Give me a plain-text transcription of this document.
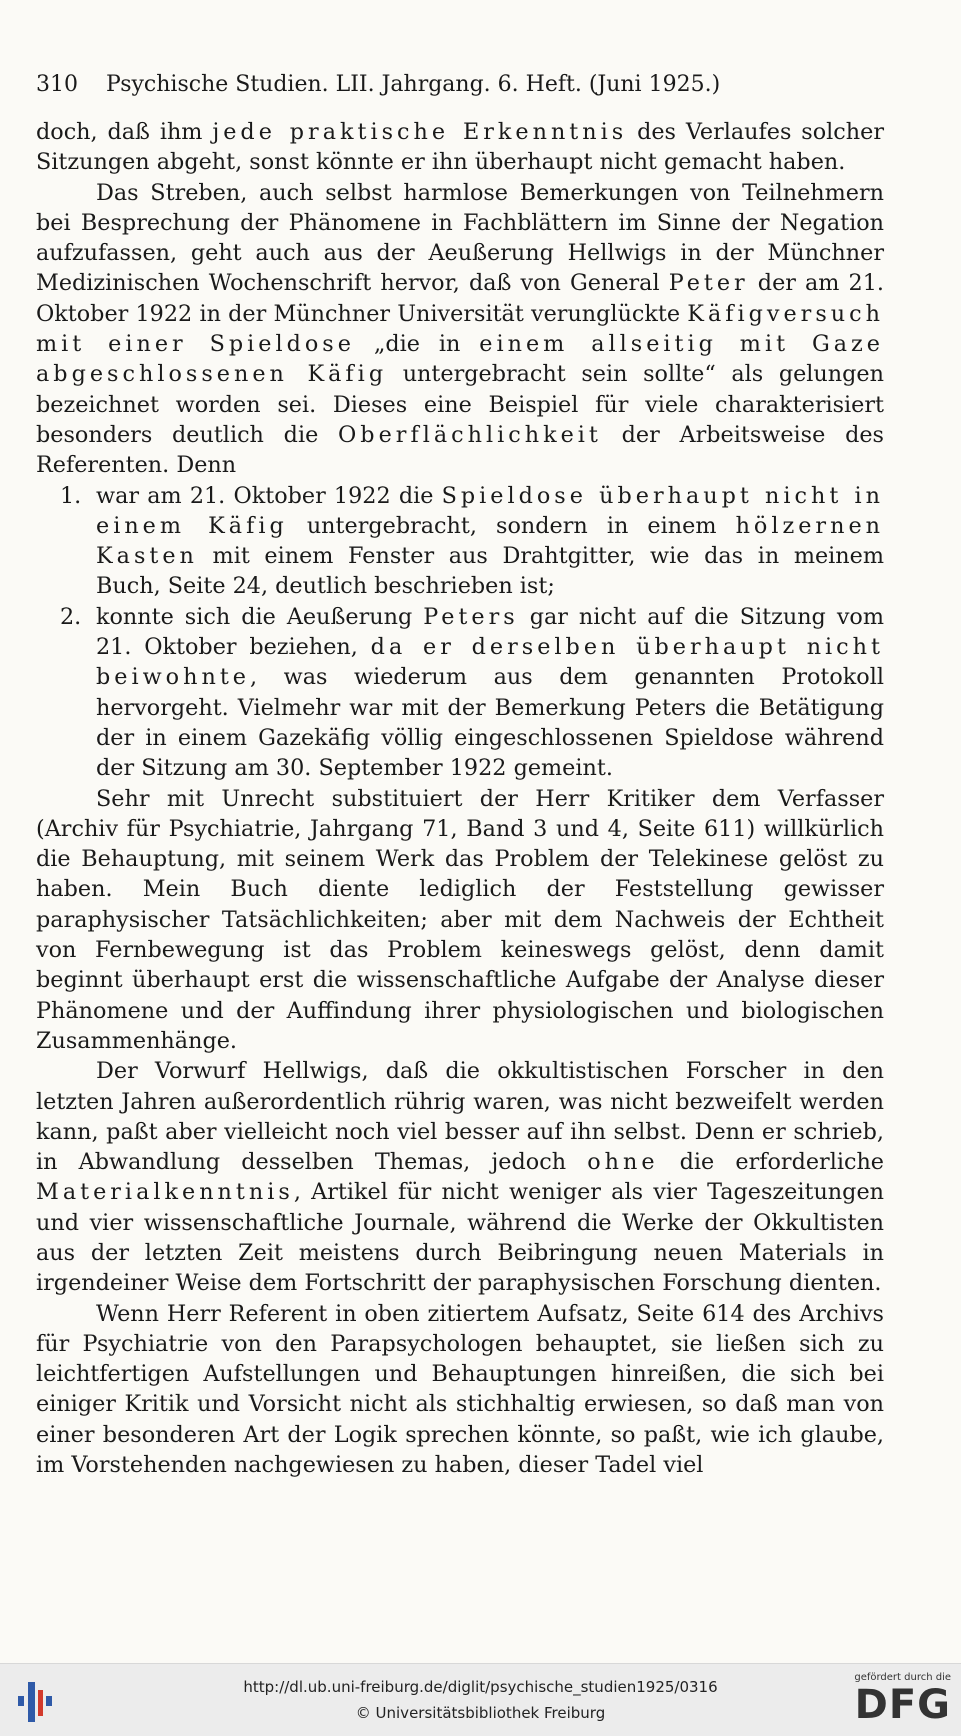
310 Psychische Studien. LII. Jahrgang. 6. Heft. (Juni 1925.)

doch, daß ihm jede praktische Erkenntnis des Verlaufes solcher Sitzungen abgeht, sonst könnte er ihn überhaupt nicht gemacht haben.

Das Streben, auch selbst harmlose Bemerkungen von Teilnehmern bei Besprechung der Phänomene in Fachblättern im Sinne der Negation aufzufassen, geht auch aus der Aeußerung Hellwigs in der Münchner Medizinischen Wochenschrift hervor, daß von General Peter der am 21. Oktober 1922 in der Münchner Universität verunglückte Käfigversuch mit einer Spieldose „die in einem allseitig mit Gaze abgeschlossenen Käfig untergebracht sein sollte“ als gelungen bezeichnet worden sei. Dieses eine Beispiel für viele charakterisiert besonders deutlich die Oberflächlichkeit der Arbeitsweise des Referenten. Denn

1. war am 21. Oktober 1922 die Spieldose überhaupt nicht in einem Käfig untergebracht, sondern in einem hölzernen Kasten mit einem Fenster aus Drahtgitter, wie das in meinem Buch, Seite 24, deutlich beschrieben ist;
2. konnte sich die Aeußerung Peters gar nicht auf die Sitzung vom 21. Oktober beziehen, da er derselben überhaupt nicht beiwohnte, was wiederum aus dem genannten Protokoll hervorgeht. Vielmehr war mit der Bemerkung Peters die Betätigung der in einem Gazekäfig völlig eingeschlossenen Spieldose während der Sitzung am 30. September 1922 gemeint.

Sehr mit Unrecht substituiert der Herr Kritiker dem Verfasser (Archiv für Psychiatrie, Jahrgang 71, Band 3 und 4, Seite 611) willkürlich die Behauptung, mit seinem Werk das Problem der Telekinese gelöst zu haben. Mein Buch diente lediglich der Feststellung gewisser paraphysischer Tatsächlichkeiten; aber mit dem Nachweis der Echtheit von Fernbewegung ist das Problem keineswegs gelöst, denn damit beginnt überhaupt erst die wissenschaftliche Aufgabe der Analyse dieser Phänomene und der Auffindung ihrer physiologischen und biologischen Zusammenhänge.

Der Vorwurf Hellwigs, daß die okkultistischen Forscher in den letzten Jahren außerordentlich rührig waren, was nicht bezweifelt werden kann, paßt aber vielleicht noch viel besser auf ihn selbst. Denn er schrieb, in Abwandlung desselben Themas, jedoch ohne die erforderliche Materialkenntnis, Artikel für nicht weniger als vier Tageszeitungen und vier wissenschaftliche Journale, während die Werke der Okkultisten aus der letzten Zeit meistens durch Beibringung neuen Materials in irgendeiner Weise dem Fortschritt der paraphysischen Forschung dienten.

Wenn Herr Referent in oben zitiertem Aufsatz, Seite 614 des Archivs für Psychiatrie von den Parapsychologen behauptet, sie ließen sich zu leichtfertigen Aufstellungen und Behauptungen hinreißen, die sich bei einiger Kritik und Vorsicht nicht als stichhaltig erwiesen, so daß man von einer besonderen Art der Logik sprechen könnte, so paßt, wie ich glaube, im Vorstehenden nachgewiesen zu haben, dieser Tadel viel

http://dl.ub.uni-freiburg.de/diglit/psychische_studien1925/0316
© Universitätsbibliothek Freiburg
gefördert durch die
DFG
